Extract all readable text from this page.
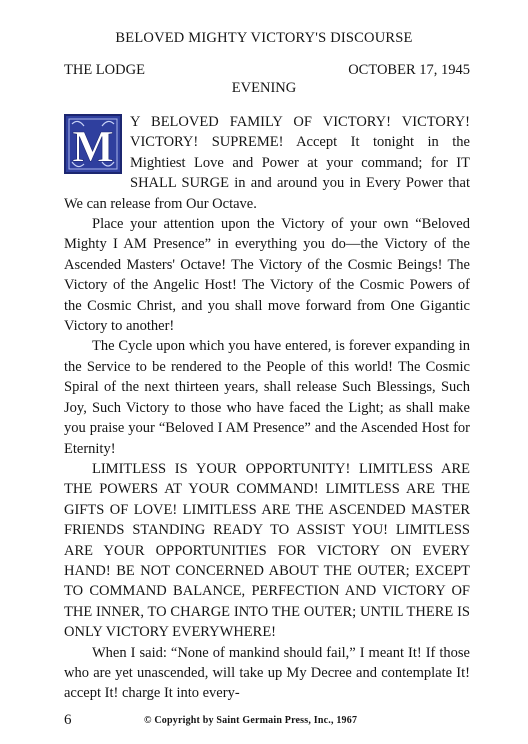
BELOVED MIGHTY VICTORY'S DISCOURSE
THE LODGE	OCTOBER 17, 1945
EVENING

M Y BELOVED FAMILY OF VICTORY! VICTORY! VICTORY! SUPREME! Accept It tonight in the Mightiest Love and Power at your command; for IT SHALL SURGE in and around you in Every Power that We can release from Our Octave.

Place your attention upon the Victory of your own “Beloved Mighty I AM Presence” in everything you do—the Victory of the Ascended Masters' Octave! The Victory of the Cosmic Beings! The Victory of the Angelic Host! The Victory of the Cosmic Powers of the Cosmic Christ, and you shall move forward from One Gigantic Victory to another!

The Cycle upon which you have entered, is forever expanding in the Service to be rendered to the People of this world! The Cosmic Spiral of the next thirteen years, shall release Such Blessings, Such Joy, Such Victory to those who have faced the Light; as shall make you praise your “Beloved I AM Presence” and the Ascended Host for Eternity!

LIMITLESS IS YOUR OPPORTUNITY! LIMITLESS ARE THE POWERS AT YOUR COMMAND! LIMITLESS ARE THE GIFTS OF LOVE! LIMITLESS ARE THE ASCENDED MASTER FRIENDS STANDING READY TO ASSIST YOU! LIMITLESS ARE YOUR OPPORTUNITIES FOR VICTORY ON EVERY HAND! BE NOT CONCERNED ABOUT THE OUTER; EXCEPT TO COMMAND BALANCE, PERFECTION AND VICTORY OF THE INNER, TO CHARGE INTO THE OUTER; UNTIL THERE IS ONLY VICTORY EVERYWHERE!

When I said: “None of mankind should fail,” I meant It! If those who are yet unascended, will take up My Decree and contemplate It! accept It! charge It into every-

6	© Copyright by Saint Germain Press, Inc., 1967
